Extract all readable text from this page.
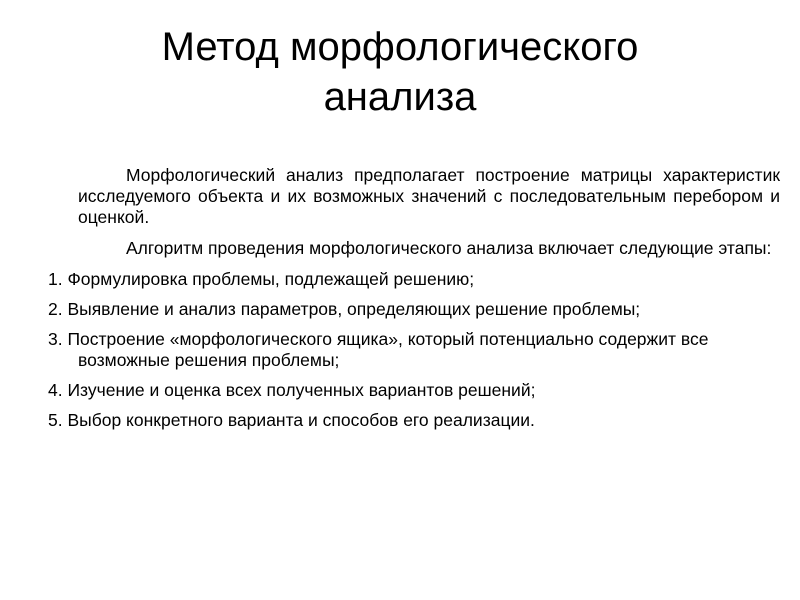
Метод морфологического анализа

Морфологический анализ предполагает построение матрицы характеристик исследуемого объекта и их возможных значений с последовательным перебором и оценкой.

Алгоритм проведения морфологического анализа включает следующие этапы:

1. Формулировка проблемы, подлежащей решению;

2. Выявление и анализ параметров, определяющих решение проблемы;

3. Построение «морфологического ящика», который потенциально содержит все возможные решения проблемы;

4. Изучение и оценка всех полученных вариантов решений;

5. Выбор конкретного варианта и способов его реализации.
